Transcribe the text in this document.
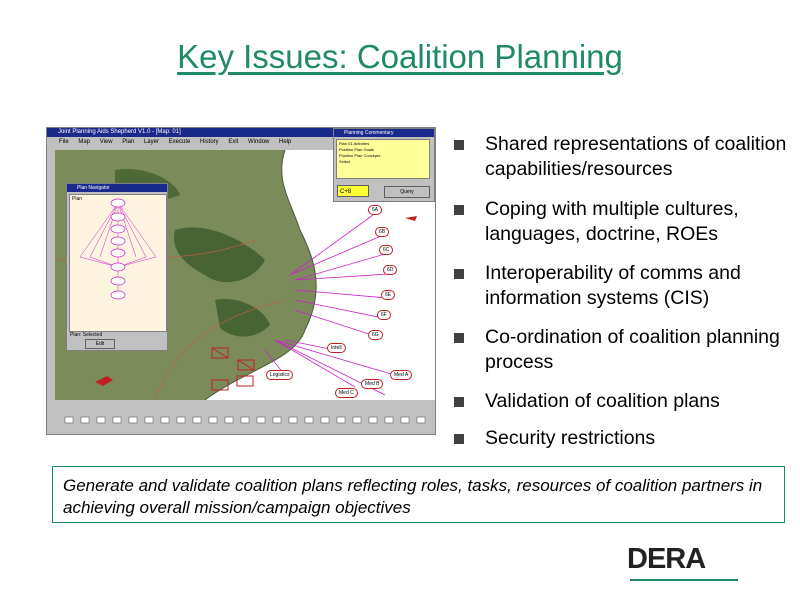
Key Issues: Coalition Planning
Joint Planning Aids Shepherd V1.0 - [Map: 01]
File Map View Plan Layer Execute History Exit Window Help
6A
6B
6C
6D
6E
6F
6G
Intell
Logistics	Med A
Med B
Med C
Plan Navigator
Plan
Plan: Selected
Edit
Planning Commentary
Plan 01 Activities
Position Plan Goals
Position Plan Concepts
Select
C+8	Query
Shared representations of coalition capabilities/resources
Coping with multiple cultures, languages, doctrine, ROEs
Interoperability of comms and information systems (CIS)
Co-ordination of coalition planning process
Validation of coalition plans
Security restrictions
Generate and validate coalition plans reflecting roles, tasks, resources of coalition partners in achieving overall mission/campaign objectives
DERA
